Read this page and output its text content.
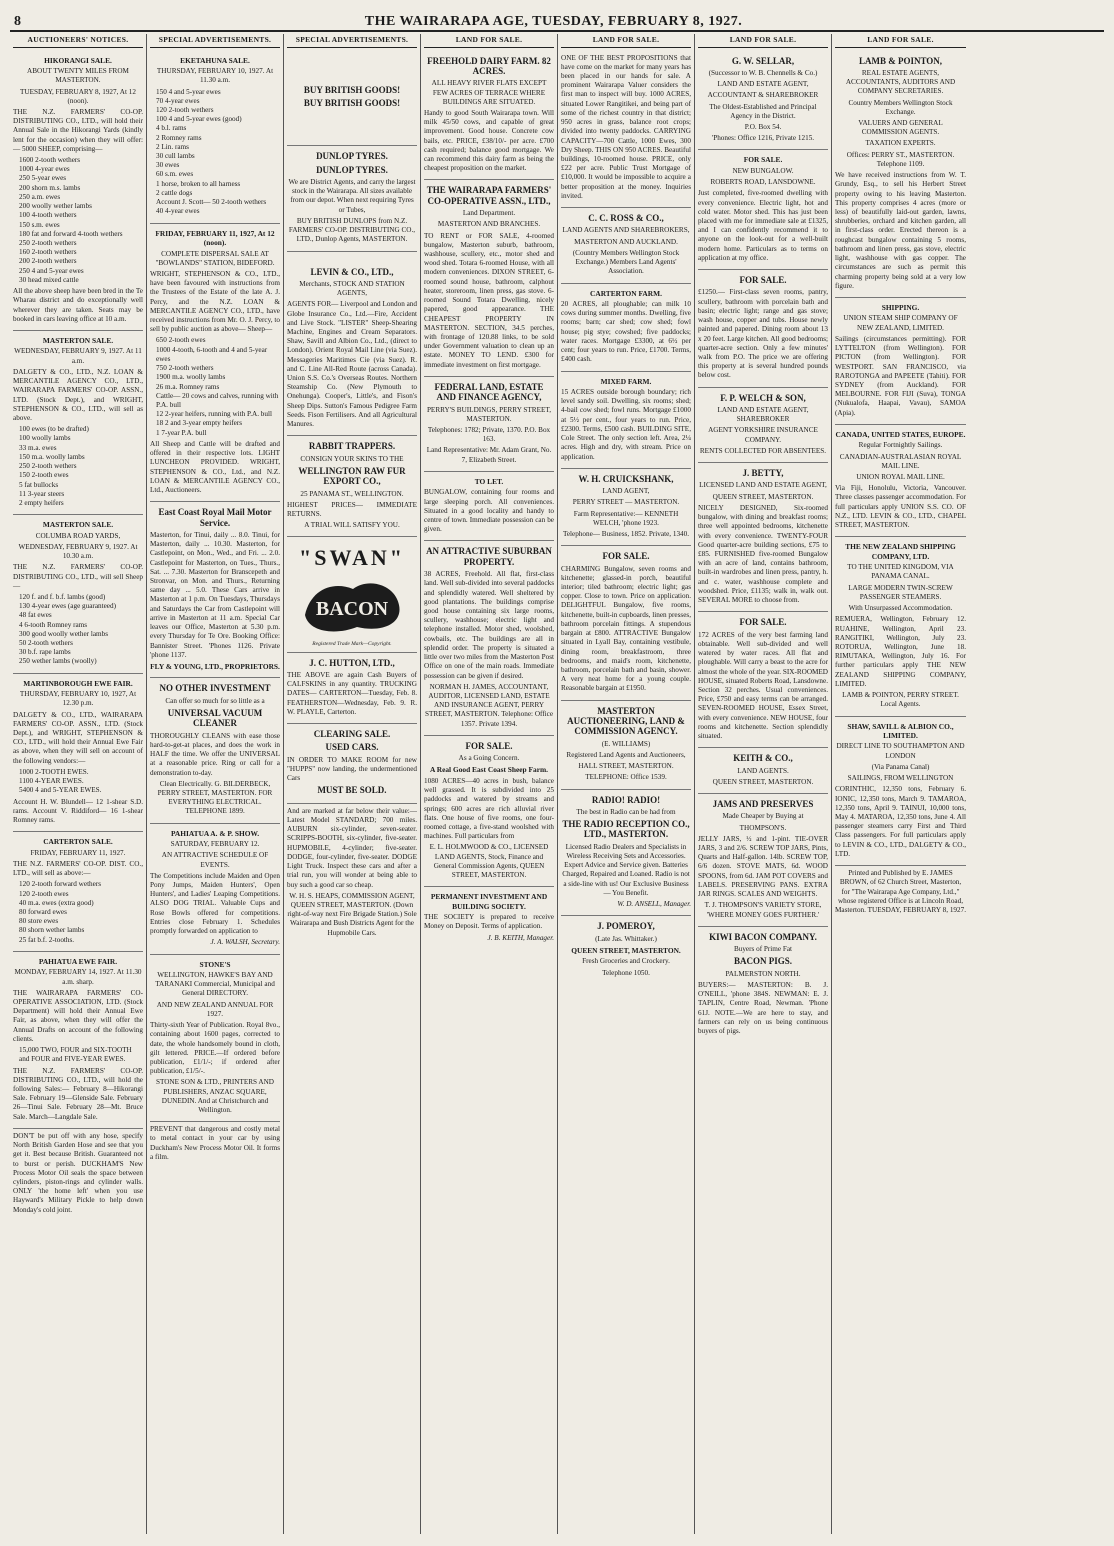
8	THE WAIRARAPA AGE, TUESDAY, FEBRUARY 8, 1927.
AUCTIONEERS' NOTICES.
HIKORANGI SALE.

ABOUT TWENTY MILES FROM MASTERTON.

TUESDAY, FEBRUARY 8, 1927, At 12 (noon).

THE N.Z. FARMERS' CO-OP. DISTRIBUTING CO., LTD., will hold their Annual Sale in the Hikorangi Yards (kindly lent for the occasion) when they will offer:— 5000 SHEEP, comprising—

1600 2-tooth wethers
1000 4-year ewes
250 5-year ewes
200 shorn m.s. lambs
250 a.m. ewes
200 woolly wether lambs
100 4-tooth wethers
150 s.m. ewes
180 fat and forward 4-tooth wethers
250 2-tooth wethers
160 2-tooth wethers
200 2-tooth wethers
250 4 and 5-year ewes
30 head mixed cattle

All the above sheep have been bred in the Te Wharau district and do exceptionally well wherever they are taken. Seats may be booked in cars leaving office at 10 a.m.

MASTERTON SALE.

WEDNESDAY, FEBRUARY 9, 1927. At 11 a.m.

DALGETY & CO., LTD., N.Z. LOAN & MERCANTILE AGENCY CO., LTD., WAIRARAPA FARMERS' CO-OP. ASSN., LTD. (Stock Dept.), and WRIGHT, STEPHENSON & CO., LTD., will sell as above.

100 ewes (to be drafted)
100 woolly lambs
33 m.a. ewes
150 m.a. woolly lambs
250 2-tooth wethers
150 2-tooth ewes
5 fat bullocks
11 3-year steers
2 empty heifers
MASTERTON SALE.

COLUMBA ROAD YARDS,

WEDNESDAY, FEBRUARY 9, 1927. At 10.30 a.m.

THE N.Z. FARMERS' CO-OP. DISTRIBUTING CO., LTD., will sell Sheep—

120 f. and f. b.f. lambs (good)
130 4-year ewes (age guaranteed)
48 fat ewes
4 6-tooth Romney rams
300 good woolly wether lambs
50 2-tooth wethers
30 b.f. rape lambs
250 wether lambs (woolly)
MARTINBOROUGH EWE FAIR.

THURSDAY, FEBRUARY 10, 1927, At 12.30 p.m.

DALGETY & CO., LTD., WAIRARAPA FARMERS' CO-OP. ASSN., LTD. (Stock Dept.), and WRIGHT, STEPHENSON & CO., LTD., will hold their Annual Ewe Fair as above, when they will sell on account of the following vendors:—

1000 2-TOOTH EWES.
1100 4-YEAR EWES.
5400 4 and 5-YEAR EWES.

Account H. W. Blundell— 12 1-shear S.D. rams. Account V. Riddiford— 16 1-shear Romney rams.

CARTERTON SALE.

FRIDAY, FEBRUARY 11, 1927.

THE N.Z. FARMERS' CO-OP. DIST. CO., LTD., will sell as above:—

120 2-tooth forward wethers
120 2-tooth ewes
40 m.a. ewes (extra good)
80 forward ewes
80 store ewes
80 shorn wether lambs
25 fat b.f. 2-tooths.
PAHIATUA EWE FAIR.

MONDAY, FEBRUARY 14, 1927. At 11.30 a.m. sharp.

THE WAIRARAPA FARMERS' CO-OPERATIVE ASSOCIATION, LTD. (Stock Department) will hold their Annual Ewe Fair, as above, when they will offer the Annual Drafts on account of the following clients.

15,000 TWO, FOUR and SIX-TOOTH and FOUR and FIVE-YEAR EWES.

THE N.Z. FARMERS' CO-OP. DISTRIBUTING CO., LTD., will hold the following Sales:— February 8—Hikorangi Sale. February 19—Glenside Sale. February 26—Tinui Sale. February 28—Mt. Bruce Sale. March—Langdale Sale.

DON'T be put off with any hose, specify North British Garden Hose and see that you get it. Best because British. Guaranteed not to burst or perish. DUCKHAM'S New Process Motor Oil seals the space between cylinders, piston-rings and cylinder walls. ONLY 'the home left' when you use Hayward's Military Pickle to help down Monday's cold joint.

SPECIAL ADVERTISEMENTS.
EKETAHUNA SALE.

THURSDAY, FEBRUARY 10, 1927. At 11.30 a.m.

150 4 and 5-year ewes
70 4-year ewes
120 2-tooth wethers
100 4 and 5-year ewes (good)
4 b.l. rams
2 Romney rams
2 Lin. rams
30 cull lambs
30 ewes
60 s.m. ewes
1 horse, broken to all harness
2 cattle dogs
Account J. Scott— 50 2-tooth wethers
40 4-year ewes
FRIDAY, FEBRUARY 11, 1927, At 12 (noon).

COMPLETE DISPERSAL SALE AT "BOWLANDS" STATION, BIDEFORD.

WRIGHT, STEPHENSON & CO., LTD., have been favoured with instructions from the Trustees of the Estate of the late A. J. Percy, and the N.Z. LOAN & MERCANTILE AGENCY CO., LTD., have received instructions from Mr. O. J. Percy, to sell by public auction as above— Sheep—

650 2-tooth ewes
1000 4-tooth, 6-tooth and 4 and 5-year ewes
750 2-tooth wethers
1900 m.a. woolly lambs
26 m.a. Romney rams
Cattle— 20 cows and calves, running with P.A. bull
12 2-year heifers, running with P.A. bull
18 2 and 3-year empty heifers
1 7-year P.A. bull

All Sheep and Cattle will be drafted and offered in their respective lots. LIGHT LUNCHEON PROVIDED. WRIGHT, STEPHENSON & CO., Ltd., and N.Z. LOAN & MERCANTILE AGENCY CO., Ltd., Auctioneers.

East Coast Royal Mail Motor Service.

Masterton, for Tinui, daily ... 8.0. Tinui, for Masterton, daily ... 10.30. Masterton, for Castlepoint, on Mon., Wed., and Fri. ... 2.0. Castlepoint for Masterton, on Tues., Thurs., Sat. ... 7.30. Masterton for Branscepeth and Stronvar, on Mon. and Thurs., Returning same day ... 5.0. These Cars arrive in Masterton at 1 p.m. On Tuesdays, Thursdays and Saturdays the Car from Castlepoint will arrive in Masterton at 11 a.m. Special Car leaves our Office, Masterton at 5.30 p.m. every Thursday for Te Ore. Booking Office: Bannister Street. 'Phones 1126. Private 'phone 1137.

FLY & YOUNG, LTD., PROPRIETORS.
NO OTHER INVESTMENT

Can offer so much for so little as a

UNIVERSAL VACUUM CLEANER

THOROUGHLY CLEANS with ease those hard-to-get-at places, and does the work in HALF the time. We offer the UNIVERSAL at a reasonable price. Ring or call for a demonstration to-day.

Clean Electrically. G. BILDERBECK, PERRY STREET, MASTERTON. FOR EVERYTHING ELECTRICAL. TELEPHONE 1899.

PAHIATUA A. & P. SHOW.

SATURDAY, FEBRUARY 12.

AN ATTRACTIVE SCHEDULE OF EVENTS.

The Competitions include Maiden and Open Pony Jumps, Maiden Hunters', Open Hunters', and Ladies' Leaping Competitions. ALSO DOG TRIAL. Valuable Cups and Rose Bowls offered for competitions. Entries close February 1. Schedules promptly forwarded on application to

J. A. WALSH, Secretary.

STONE'S

WELLINGTON, HAWKE'S BAY AND TARANAKI Commercial, Municipal and General DIRECTORY.

AND NEW ZEALAND ANNUAL FOR 1927.

Thirty-sixth Year of Publication. Royal 8vo., containing about 1600 pages, corrected to date, the whole handsomely bound in cloth, gilt lettered. PRICE.—If ordered before publication, £1/1/-; if ordered after publication, £1/5/-.

STONE SON & LTD., PRINTERS AND PUBLISHERS, ANZAC SQUARE, DUNEDIN. And at Christchurch and Wellington.

PREVENT that dangerous and costly metal to metal contact in your car by using Duckham's New Process Motor Oil. It forms a film.

SPECIAL ADVERTISEMENTS.
BUY BRITISH GOODS!
BUY BRITISH GOODS!
DUNLOP TYRES.
DUNLOP TYRES.

We are District Agents, and carry the largest stock in the Wairarapa. All sizes available from our depot. When next requiring Tyres or Tubes,

BUY BRITISH DUNLOPS from N.Z. FARMERS' CO-OP. DISTRIBUTING CO., LTD., Dunlop Agents, MASTERTON.

LEVIN & CO., LTD.,

Merchants, STOCK AND STATION AGENTS,

AGENTS FOR— Liverpool and London and Globe Insurance Co., Ltd.—Fire, Accident and Live Stock. "LISTER" Sheep-Shearing Machine, Engines and Cream Separators. Shaw, Savill and Albion Co., Ltd., (direct to London). Orient Royal Mail Line (via Suez). Messageries Maritimes Cie (via Suez). R. and C. Line All-Red Route (across Canada). Union S.S. Co.'s Overseas Routes. Northern Steamship Co. (New Plymouth to Onehunga). Cooper's, Little's, and Fison's Sheep Dips. Sutton's Famous Pedigree Farm Seeds. Fison Fertilisers. And all Agricultural Manures.

RABBIT TRAPPERS.

CONSIGN YOUR SKINS TO THE

WELLINGTON RAW FUR EXPORT CO.,

25 PANAMA ST., WELLINGTON.

HIGHEST PRICES— IMMEDIATE RETURNS.

A TRIAL WILL SATISFY YOU.

"SWAN"
BACON
Registered Trade Mark—Copyright.
J. C. HUTTON, LTD.,

THE ABOVE are again Cash Buyers of CALFSKINS in any quantity. TRUCKING DATES— CARTERTON—Tuesday, Feb. 8. FEATHERSTON—Wednesday, Feb. 9. R. W. PLAYLE, Carterton.

CLEARING SALE.
USED CARS.

IN ORDER TO MAKE ROOM for new "HUPPS" now landing, the undermentioned Cars

MUST BE SOLD.

And are marked at far below their value:— Latest Model STANDARD; 700 miles. AUBURN six-cylinder, seven-seater. SCRIPPS-BOOTH, six-cylinder, five-seater. HUPMOBILE, 4-cylinder; five-seater. DODGE, four-cylinder, five-seater. DODGE Light Truck. Inspect these cars and after a trial run, you will wonder at being able to buy such a good car so cheap.

W. H. S. HEAPS, COMMISSION AGENT, QUEEN STREET, MASTERTON. (Down right-of-way next Fire Brigade Station.) Sole Wairarapa and Bush Districts Agent for the Hupmobile Cars.

LAND FOR SALE.
FREEHOLD DAIRY FARM. 82 ACRES.

ALL HEAVY RIVER FLATS EXCEPT FEW ACRES OF TERRACE WHERE BUILDINGS ARE SITUATED.

Handy to good South Wairarapa town. Will milk 45/50 cows, and capable of great improvement. Good house. Concrete cow bails, etc. PRICE, £38/10/- per acre. £700 cash required; balance good mortgage. We can recommend this dairy farm as being the cheapest proposition on the market.

THE WAIRARAPA FARMERS' CO-OPERATIVE ASSN., LTD.,

Land Department.

MASTERTON AND BRANCHES.

TO RENT or FOR SALE, 4-roomed bungalow, Masterton suburb, bathroom, washhouse, scullery, etc., motor shed and wood shed. Totara 6-roomed House, with all modern conveniences. DIXON STREET, 6-roomed sound house, bathroom, calphout heater, storeroom, linen press, gas stove. 6-roomed Sound Totara Dwelling, nicely papered, good appearance. THE CHEAPEST PROPERTY IN MASTERTON. SECTION, 34.5 perches, with frontage of 120.88 links, to be sold under Government valuation to clean up an estate. MONEY TO LEND. £300 for immediate investment on first mortgage.

FEDERAL LAND, ESTATE AND FINANCE AGENCY,

PERRY'S BUILDINGS, PERRY STREET, MASTERTON.

Telephones: 1782; Private, 1370. P.O. Box 163.

Land Representative: Mr. Adam Grant, No. 7, Elizabeth Street.

TO LET.

BUNGALOW, containing four rooms and large sleeping porch. All conveniences. Situated in a good locality and handy to centre of town. Immediate possession can be given.

AN ATTRACTIVE SUBURBAN PROPERTY.

38 ACRES, Freehold. All flat, first-class land. Well sub-divided into several paddocks and splendidly watered. Well sheltered by good plantations. The buildings comprise good house containing six large rooms, scullery, washhouse; electric light and telephone installed. Motor shed, woolshed, cowbails, etc. The buildings are all in splendid order. The property is situated a little over two miles from the Masterton Post Office on one of the main roads. Immediate possession can be given if desired.

NORMAN H. JAMES, ACCOUNTANT, AUDITOR, LICENSED LAND, ESTATE AND INSURANCE AGENT, PERRY STREET, MASTERTON. Telephone: Office 1357. Private 1394.

FOR SALE.

As a Going Concern.

A Real Good East Coast Sheep Farm.

1080 ACRES—40 acres in bush, balance well grassed. It is subdivided into 25 paddocks and watered by streams and springs; 600 acres are rich alluvial river flats. One house of five rooms, one four-roomed cottage, a five-stand woolshed with machines. Full particulars from

E. L. HOLMWOOD & CO., LICENSED LAND AGENTS, Stock, Finance and General Commission Agents, QUEEN STREET, MASTERTON.

PERMANENT INVESTMENT AND BUILDING SOCIETY.

THE SOCIETY is prepared to receive Money on Deposit. Terms of application.

J. B. KEITH, Manager.

LAND FOR SALE.

ONE OF THE BEST PROPOSITIONS that have come on the market for many years has been placed in our hands for sale. A prominent Wairarapa Valuer considers the first man to inspect will buy. 1000 ACRES, situated Lower Rangitikei, and being part of some of the richest country in that district; 950 acres in grass, balance root crops; divided into twenty paddocks. CARRYING CAPACITY—700 Cattle, 1000 Ewes, 300 Dry Sheep. THIS ON 950 ACRES. Beautiful buildings, 10-roomed house. PRICE, only £22 per acre. Public Trust Mortgage of £10,000. It would be impossible to acquire a better proposition at the money. Inquiries invited.

C. C. ROSS & CO.,

LAND AGENTS AND SHAREBROKERS,

MASTERTON AND AUCKLAND.

(Country Members Wellington Stock Exchange.) Members Land Agents' Association.

CARTERTON FARM.

20 ACRES, all ploughable; can milk 10 cows during summer months. Dwelling, five rooms; barn; car shed; cow shed; fowl house; pig stye; cowshed; five paddocks; water races. Mortgage £3300, at 6½ per cent; four years to run. Price, £1700. Terms, £400 cash.

MIXED FARM.

15 ACRES outside borough boundary; rich level sandy soil. Dwelling, six rooms; shed; 4-bail cow shed; fowl runs. Mortgage £1000 at 5½ per cent., four years to run. Price, £2300. Terms, £500 cash. BUILDING SITE, Cole Street. The only section left. Area, 2¼ acres. High and dry, with stream. Price on application.

W. H. CRUICKSHANK,

LAND AGENT,

PERRY STREET — MASTERTON.

Farm Representative:— KENNETH WELCH, 'phone 1923.

Telephone— Business, 1852. Private, 1340.

FOR SALE.

CHARMING Bungalow, seven rooms and kitchenette; glassed-in porch, beautiful interior; tiled bathroom; electric light; gas copper. Close to town. Price on application. DELIGHTFUL Bungalow, five rooms, kitchenette, built-in cupboards, linen presses, bathroom porcelain fittings. A stupendous bargain at £800. ATTRACTIVE Bungalow situated in Lyall Bay, containing vestibule, dining room, breakfastroom, three bedrooms, and maid's room, kitchenette, bathroom, porcelain bath and basin, shower. A very neat home for a young couple. Reasonable bargain at £1950.

MASTERTON AUCTIONEERING, LAND & COMMISSION AGENCY.

(E. WILLIAMS)

Registered Land Agents and Auctioneers,

HALL STREET, MASTERTON.

TELEPHONE: Office 1539.

RADIO! RADIO!

The best in Radio can be had from

THE RADIO RECEPTION CO., LTD., MASTERTON.

Licensed Radio Dealers and Specialists in Wireless Receiving Sets and Accessories. Expert Advice and Service given. Batteries Charged, Repaired and Loaned. Radio is not a side-line with us! Our Exclusive Business— You Benefit.

W. D. ANSELL, Manager.

J. POMEROY,

(Late Jas. Whittaker.)

QUEEN STREET, MASTERTON.

Fresh Groceries and Crockery.

Telephone 1050.

LAND FOR SALE.
G. W. SELLAR,

(Successor to W. B. Chennells & Co.)

LAND AND ESTATE AGENT,

ACCOUNTANT & SHAREBROKER

The Oldest-Established and Principal Agency in the District.

P.O. Box 54.

'Phones: Office 1216, Private 1215.

FOR SALE.

NEW BUNGALOW.

ROBERTS ROAD, LANSDOWNE.

Just completed, five-roomed dwelling with every convenience. Electric light, hot and cold water. Motor shed. This has just been placed with me for immediate sale at £1325, and I can confidently recommend it to anyone on the look-out for a well-built modern home. Particulars as to terms on application at my office.

FOR SALE.

£1250.— First-class seven rooms, pantry, scullery, bathroom with porcelain bath and basin; electric light; range and gas stove; wash house, copper and tubs. House newly painted and papered. Dining room about 13 x 20 feet. Large kitchen. All good bedrooms; quarter-acre section. Only a few minutes' walk from P.O. The price we are offering this property at is several hundred pounds below cost.

F. P. WELCH & SON,

LAND AND ESTATE AGENT, SHAREBROKER

AGENT YORKSHIRE INSURANCE COMPANY.

RENTS COLLECTED FOR ABSENTEES.

J. BETTY,

LICENSED LAND AND ESTATE AGENT,

QUEEN STREET, MASTERTON.

NICELY DESIGNED, Six-roomed bungalow, with dining and breakfast rooms; three well appointed bedrooms, kitchenette with every convenience. TWENTY-FOUR Good quarter-acre building sections, £75 to £85. FURNISHED five-roomed Bungalow with an acre of land, contains bathroom, built-in wardrobes and linen press, pantry, h. and c. water, washhouse complete and woodshed. Price, £1135; walk in, walk out. SEVERAL MORE to choose from.

FOR SALE.

172 ACRES of the very best farming land obtainable. Well sub-divided and well watered by water races. All flat and ploughable. Will carry a beast to the acre for almost the whole of the year. SIX-ROOMED HOUSE, situated Roberts Road, Lansdowne. Section 32 perches. Usual conveniences. Price, £750 and easy terms can be arranged. SEVEN-ROOMED HOUSE, Essex Street, with every convenience. NEW HOUSE, four rooms and kitchenette. Section splendidly situated.

KEITH & CO.,

LAND AGENTS.

QUEEN STREET, MASTERTON.

JAMS AND PRESERVES

Made Cheaper by Buying at

THOMPSON'S.

JELLY JARS, ½ and 1-pint. TIE-OVER JARS, 3 and 2/6. SCREW TOP JARS, Pints, Quarts and Half-gallon. 14lb. SCREW TOP, 6/6 dozen. STOVE MATS, 6d. WOOD SPOONS, from 6d. JAM POT COVERS and LABELS. PRESERVING PANS. EXTRA JAR RINGS. SCALES AND WEIGHTS.

T. J. THOMPSON'S VARIETY STORE, 'WHERE MONEY GOES FURTHER.'

KIWI BACON COMPANY.

Buyers of Prime Fat

BACON PIGS.

PALMERSTON NORTH.

BUYERS:— MASTERTON: B. J. O'NEILL, 'phone 384S. NEWMAN: E. J. TAPLIN, Centre Road, Newman. 'Phone 61J. NOTE.—We are here to stay, and farmers can rely on us being continuous buyers of pigs.

LAND FOR SALE.
LAMB & POINTON,

REAL ESTATE AGENTS, ACCOUNTANTS, AUDITORS AND COMPANY SECRETARIES.

Country Members Wellington Stock Exchange.

VALUERS AND GENERAL COMMISSION AGENTS.

TAXATION EXPERTS.

Offices: PERRY ST., MASTERTON. Telephone 1109.

We have received instructions from W. T. Grundy, Esq., to sell his Herbert Street property owing to his leaving Masterton. This property comprises 4 acres (more or less) of beautifully laid-out garden, lawns, shrubberies, orchard and kitchen garden, all in first-class order. Erected thereon is a roughcast bungalow containing 5 rooms, bathroom and linen press, gas stove, electric light, washhouse with gas copper. The circumstances are such as permit this charming property being sold at a very low figure.

SHIPPING.

UNION STEAM SHIP COMPANY OF NEW ZEALAND, LIMITED.

Sailings (circumstances permitting). FOR LYTTELTON (from Wellington). FOR PICTON (from Wellington). FOR WESTPORT. SAN FRANCISCO, via RAROTONGA and PAPEETE (Tahiti). FOR SYDNEY (from Auckland). FOR MELBOURNE. FOR FIJI (Suva), TONGA (Nukualofa, Haapai, Vavau), SAMOA (Apia).

CANADA, UNITED STATES, EUROPE.

Regular Fortnightly Sailings.

CANADIAN-AUSTRALASIAN ROYAL MAIL LINE.

UNION ROYAL MAIL LINE.

Via Fiji, Honolulu, Victoria, Vancouver. Three classes passenger accommodation. For full particulars apply UNION S.S. CO. OF N.Z., LTD. LEVIN & CO., LTD., CHAPEL STREET, MASTERTON.

THE NEW ZEALAND SHIPPING COMPANY, LTD.

TO THE UNITED KINGDOM, VIA PANAMA CANAL.

LARGE MODERN TWIN-SCREW PASSENGER STEAMERS.

With Unsurpassed Accommodation.

REMUERA, Wellington, February 12. RUAHINE, Wellington, April 23. RANGITIKI, Wellington, July 23. ROTORUA, Wellington, June 18. RIMUTAKA, Wellington, July 16. For further particulars apply THE NEW ZEALAND SHIPPING COMPANY, LIMITED.

LAMB & POINTON, PERRY STREET. Local Agents.

SHAW, SAVILL & ALBION CO., LIMITED.

DIRECT LINE TO SOUTHAMPTON AND LONDON

(Via Panama Canal)

SAILINGS, FROM WELLINGTON

CORINTHIC, 12,350 tons, February 6. IONIC, 12,350 tons, March 9. TAMAROA, 12,350 tons, April 9. TAINUI, 10,000 tons, May 4. MATAROA, 12,350 tons, June 4. All passenger steamers carry First and Third Class passengers. For full particulars apply to LEVIN & CO., LTD., DALGETY & CO., LTD.

Printed and Published by E. JAMES BROWN, of 62 Church Street, Masterton, for "The Wairarapa Age Company, Ltd.," whose registered Office is at Lincoln Road, Masterton. TUESDAY, FEBRUARY 8, 1927.
